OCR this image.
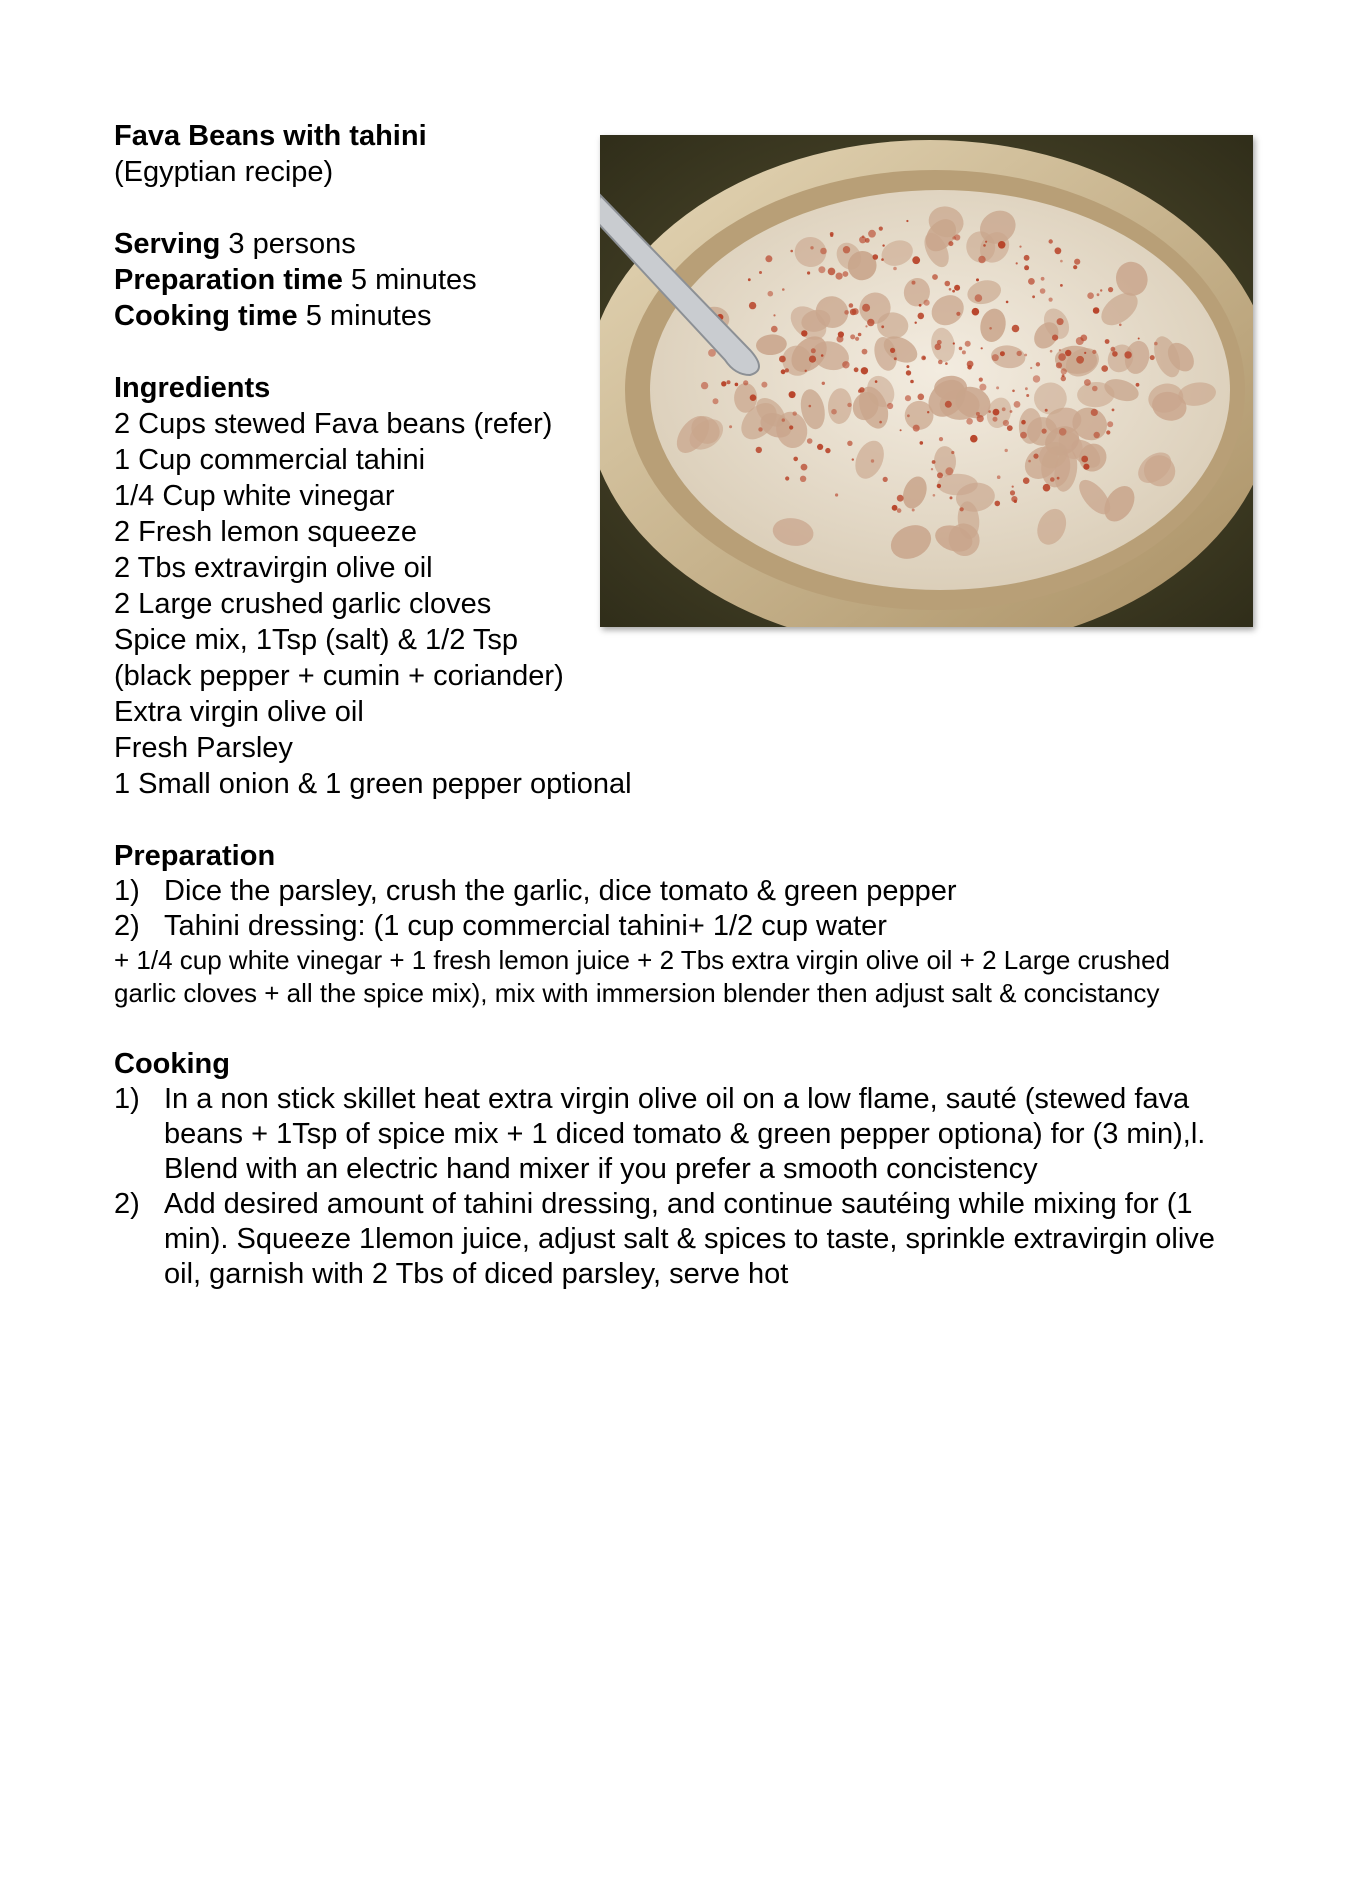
Fava Beans with tahini
(Egyptian recipe)
Serving 3 persons
Preparation time 5 minutes
Cooking time 5 minutes
Ingredients
2 Cups stewed Fava beans (refer)
1 Cup commercial tahini
1/4 Cup white vinegar
2 Fresh lemon squeeze
2 Tbs extravirgin olive oil
2 Large crushed garlic cloves
Spice mix, 1Tsp (salt) & 1/2 Tsp
(black pepper + cumin + coriander)
Extra virgin olive oil
Fresh Parsley
1 Small onion & 1 green pepper optional
Preparation
1) Dice the parsley, crush the garlic, dice tomato & green pepper
2) Tahini dressing: (1 cup commercial tahini+ 1/2 cup water
+ 1/4 cup white vinegar + 1 fresh lemon juice + 2 Tbs extra virgin olive oil + 2 Large crushed garlic cloves + all the spice mix), mix with immersion blender then adjust salt & concistancy
Cooking
1) In a non stick skillet heat extra virgin olive oil on a low flame, sauté (stewed fava beans + 1Tsp of spice mix + 1 diced tomato & green pepper optiona) for (3 min),l. Blend with an electric hand mixer if you prefer a smooth concistency
2) Add desired amount of tahini dressing, and continue sautéing while mixing for (1 min). Squeeze 1lemon juice, adjust salt & spices to taste, sprinkle extravirgin olive oil, garnish with 2 Tbs of diced parsley, serve hot
